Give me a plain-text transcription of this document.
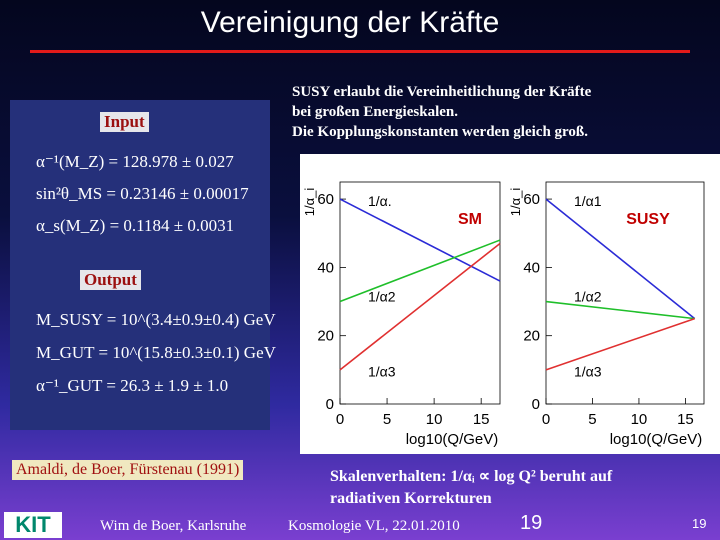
Vereinigung der Kräfte
SUSY erlaubt die Vereinheitlichung der Kräfte
bei großen Energieskalen.
Die Kopplungskonstanten werden gleich groß.
Input
α⁻¹(M_Z) = 128.978 ± 0.027
sin²θ_MS = 0.23146 ± 0.00017
α_s(M_Z) = 0.1184 ± 0.0031
Output
M_SUSY = 10^(3.4±0.9±0.4) GeV
M_GUT = 10^(15.8±0.3±0.1) GeV
α⁻¹_GUT = 26.3 ± 1.9 ± 1.0
0	5 10 15
0
20
40
60
1/α_i
log10(Q/GeV)
SM
1/α.
1/α2
1/α3
0	5 10 15
0
20
40
60
1/α_i
log10(Q/GeV)
SUSY
1/α1
1/α2
1/α3
Amaldi, de Boer, Fürstenau (1991)	Skalenverhalten: 1/αᵢ ∝ log Q² beruht auf
radiativen Korrekturen
KIT	Wim de Boer, Karlsruhe	Kosmologie VL, 22.01.2010	19	19
